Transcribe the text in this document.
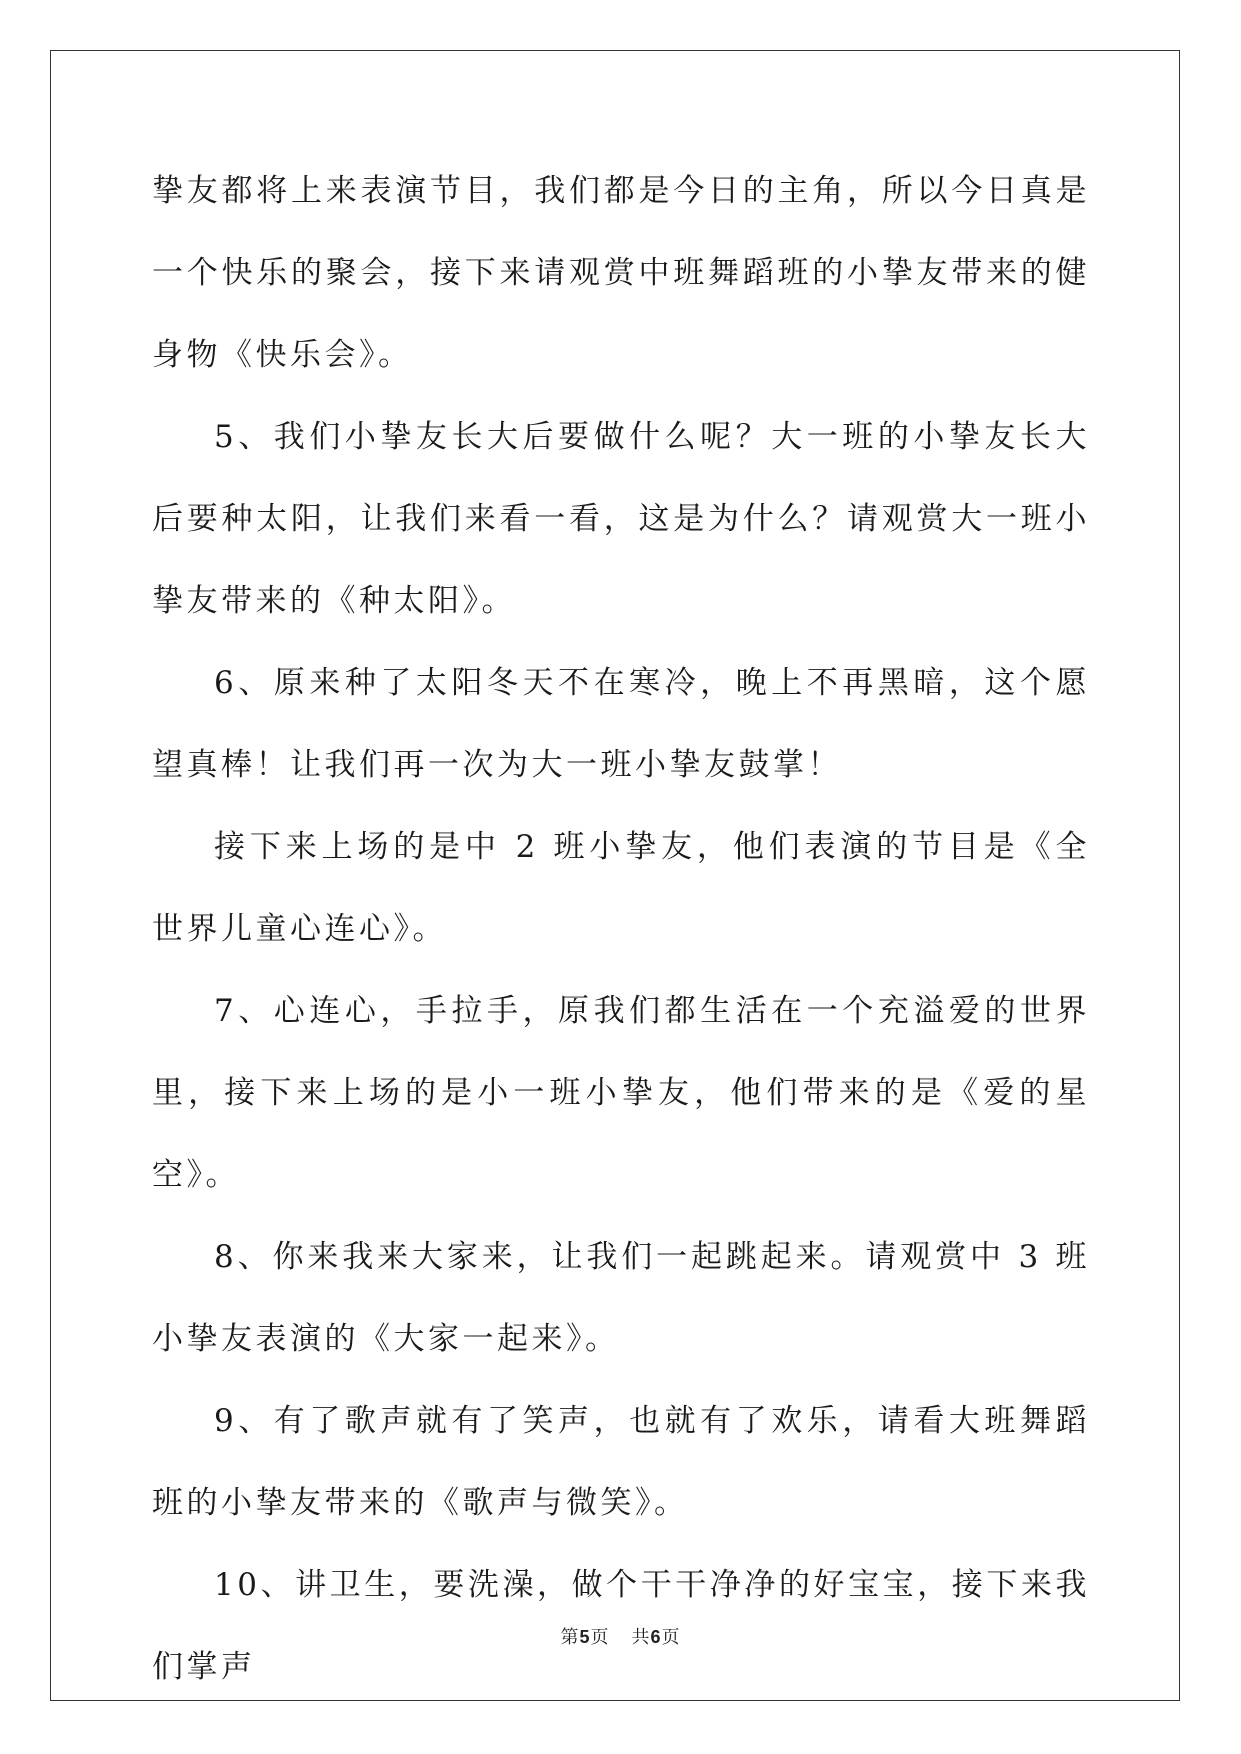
挚友都将上来表演节目，我们都是今日的主角，所以今日真是一个快乐的聚会，接下来请观赏中班舞蹈班的小挚友带来的健身物《快乐会》。

5、我们小挚友长大后要做什么呢？大一班的小挚友长大后要种太阳，让我们来看一看，这是为什么？请观赏大一班小挚友带来的《种太阳》。

6、原来种了太阳冬天不在寒冷，晚上不再黑暗，这个愿望真棒！让我们再一次为大一班小挚友鼓掌！

接下来上场的是中 2 班小挚友，他们表演的节目是《全世界儿童心连心》。

7、心连心，手拉手，原我们都生活在一个充溢爱的世界里，接下来上场的是小一班小挚友，他们带来的是《爱的星空》。

8、你来我来大家来，让我们一起跳起来。请观赏中 3 班小挚友表演的《大家一起来》。

9、有了歌声就有了笑声，也就有了欢乐，请看大班舞蹈班的小挚友带来的《歌声与微笑》。

10、讲卫生，要洗澡，做个干干净净的好宝宝，接下来我们掌声

第5页 共6页
